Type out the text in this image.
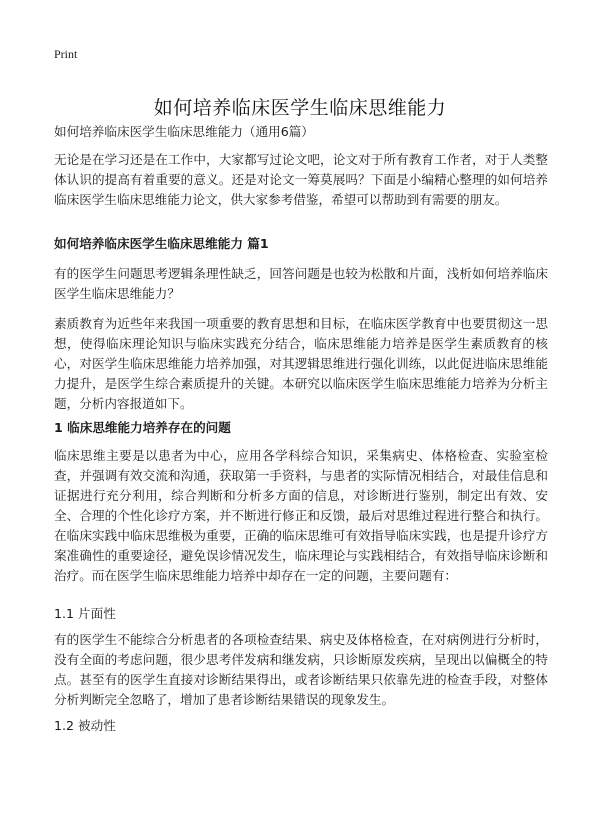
Print
如何培养临床医学生临床思维能力

如何培养临床医学生临床思维能力（通用6篇）

无论是在学习还是在工作中，大家都写过论文吧，论文对于所有教育工作者，对于人类整体认识的提高有着重要的意义。还是对论文一筹莫展吗？下面是小编精心整理的如何培养临床医学生临床思维能力论文，供大家参考借鉴，希望可以帮助到有需要的朋友。

如何培养临床医学生临床思维能力 篇1

有的医学生问题思考逻辑条理性缺乏，回答问题是也较为松散和片面，浅析如何培养临床医学生临床思维能力？

素质教育为近些年来我国一项重要的教育思想和目标，在临床医学教育中也要贯彻这一思想，使得临床理论知识与临床实践充分结合，临床思维能力培养是医学生素质教育的核心，对医学生临床思维能力培养加强，对其逻辑思维进行强化训练，以此促进临床思维能力提升，是医学生综合素质提升的关键。本研究以临床医学生临床思维能力培养为分析主题，分析内容报道如下。

1 临床思维能力培养存在的问题

临床思维主要是以患者为中心，应用各学科综合知识，采集病史、体格检查、实验室检查，并强调有效交流和沟通，获取第一手资料，与患者的实际情况相结合，对最佳信息和证据进行充分利用，综合判断和分析多方面的信息，对诊断进行鉴别，制定出有效、安全、合理的个性化诊疗方案，并不断进行修正和反馈，最后对思维过程进行整合和执行。在临床实践中临床思维极为重要，正确的临床思维可有效指导临床实践，也是提升诊疗方案准确性的重要途径，避免误诊情况发生，临床理论与实践相结合，有效指导临床诊断和治疗。而在医学生临床思维能力培养中却存在一定的问题，主要问题有：

1.1 片面性

有的医学生不能综合分析患者的各项检查结果、病史及体格检查，在对病例进行分析时，没有全面的考虑问题，很少思考伴发病和继发病，只诊断原发疾病，呈现出以偏概全的特点。甚至有的医学生直接对诊断结果得出，或者诊断结果只依靠先进的检查手段，对整体分析判断完全忽略了，增加了患者诊断结果错误的现象发生。

1.2 被动性
